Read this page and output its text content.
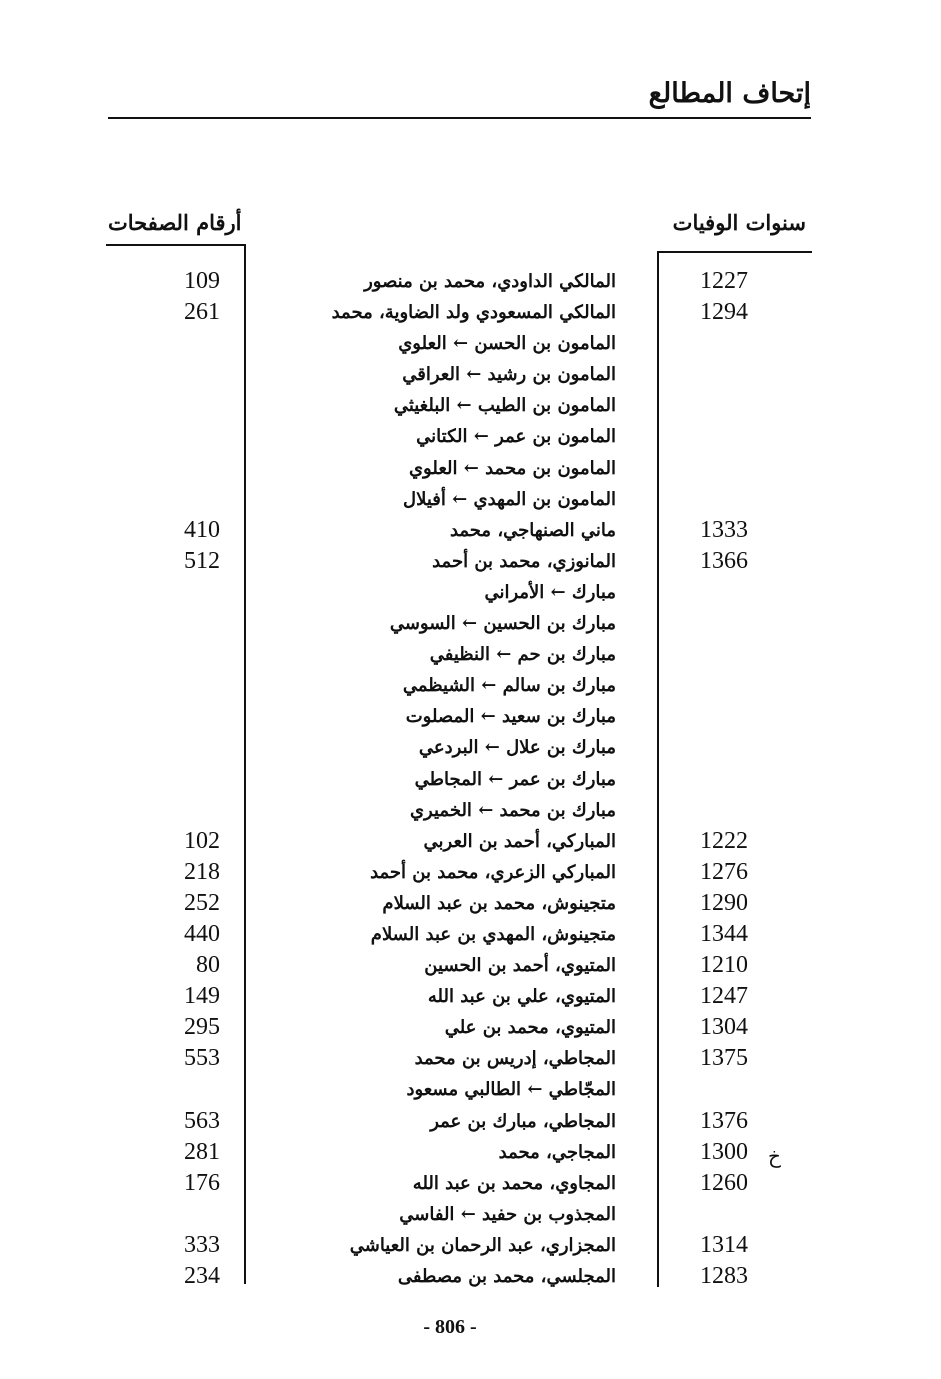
إتحاف المطالع
سنوات الوفيات
أرقام الصفحات
109	المالكي الداودي، محمد بن منصور	1227
261	المالكي المسعودي ولد الضاوية، محمد	1294
المامون بن الحسن ← العلوي
المامون بن رشيد ← العراقي
المامون بن الطيب ← البلغيثي
المامون بن عمر ← الكتاني
المامون بن محمد ← العلوي
المامون بن المهدي ← أفيلال
410	ماني الصنهاجي، محمد	1333
512	المانوزي، محمد بن أحمد	1366
مبارك ← الأمراني
مبارك بن الحسين ← السوسي
مبارك بن حم ← النظيفي
مبارك بن سالم ← الشيظمي
مبارك بن سعيد ← المصلوت
مبارك بن علال ← البردعي
مبارك بن عمر ← المجاطي
مبارك بن محمد ← الخميري
102	المباركي، أحمد بن العربي	1222
218	المباركي الزعري، محمد بن أحمد	1276
252	متجينوش، محمد بن عبد السلام	1290
440	متجينوش، المهدي بن عبد السلام	1344
80	المتيوي، أحمد بن الحسين	1210
149	المتيوي، علي بن عبد الله	1247
295	المتيوي، محمد بن علي	1304
553	المجاطي، إدريس بن محمد	1375
المجّاطي ← الطالبي مسعود
563	المجاطي، مبارك بن عمر	1376
281	المجاجي، محمد	1300 خ
176	المجاوي، محمد بن عبد الله	1260
المجذوب بن حفيد ← الفاسي
333	المجزاري، عبد الرحمان بن العياشي	1314
234	المجلسي، محمد بن مصطفى	1283
- 806 -
